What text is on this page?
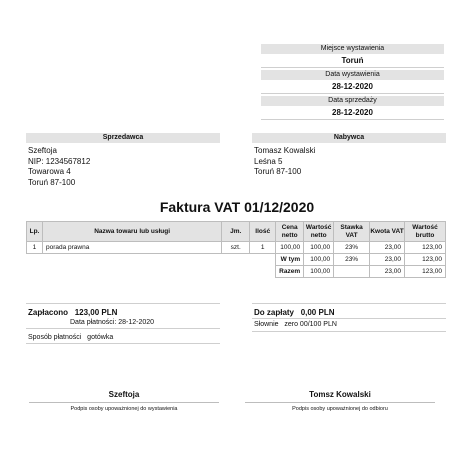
Miejsce wystawienia
Toruń
Data wystawienia
28-12-2020
Data sprzedaży
28-12-2020
Sprzedawca
Szeftoja
NIP: 1234567812
Towarowa 4
Toruń 87-100
Nabywca
Tomasz Kowalski
Leśna 5
Toruń 87-100
Faktura VAT 01/12/2020
Lp.	Nazwa towaru lub usługi	Jm.	Ilość	Cena netto	Wartość netto	Stawka VAT	Kwota VAT	Wartość brutto
1	porada prawna	szt.	1	100,00	100,00	23%	23,00	123,00
				W tym	100,00	23%	23,00	123,00
				Razem	100,00		23,00	123,00
Zapłacono 123,00 PLN
Data płatności: 28-12-2020
Sposób płatności gotówka
Do zapłaty 0,00 PLN
Słownie zero 00/100 PLN
Szeftoja
Podpis osoby upoważnionej do wystawienia
Tomsz Kowalski
Podpis osoby upoważnionej do odbioru
